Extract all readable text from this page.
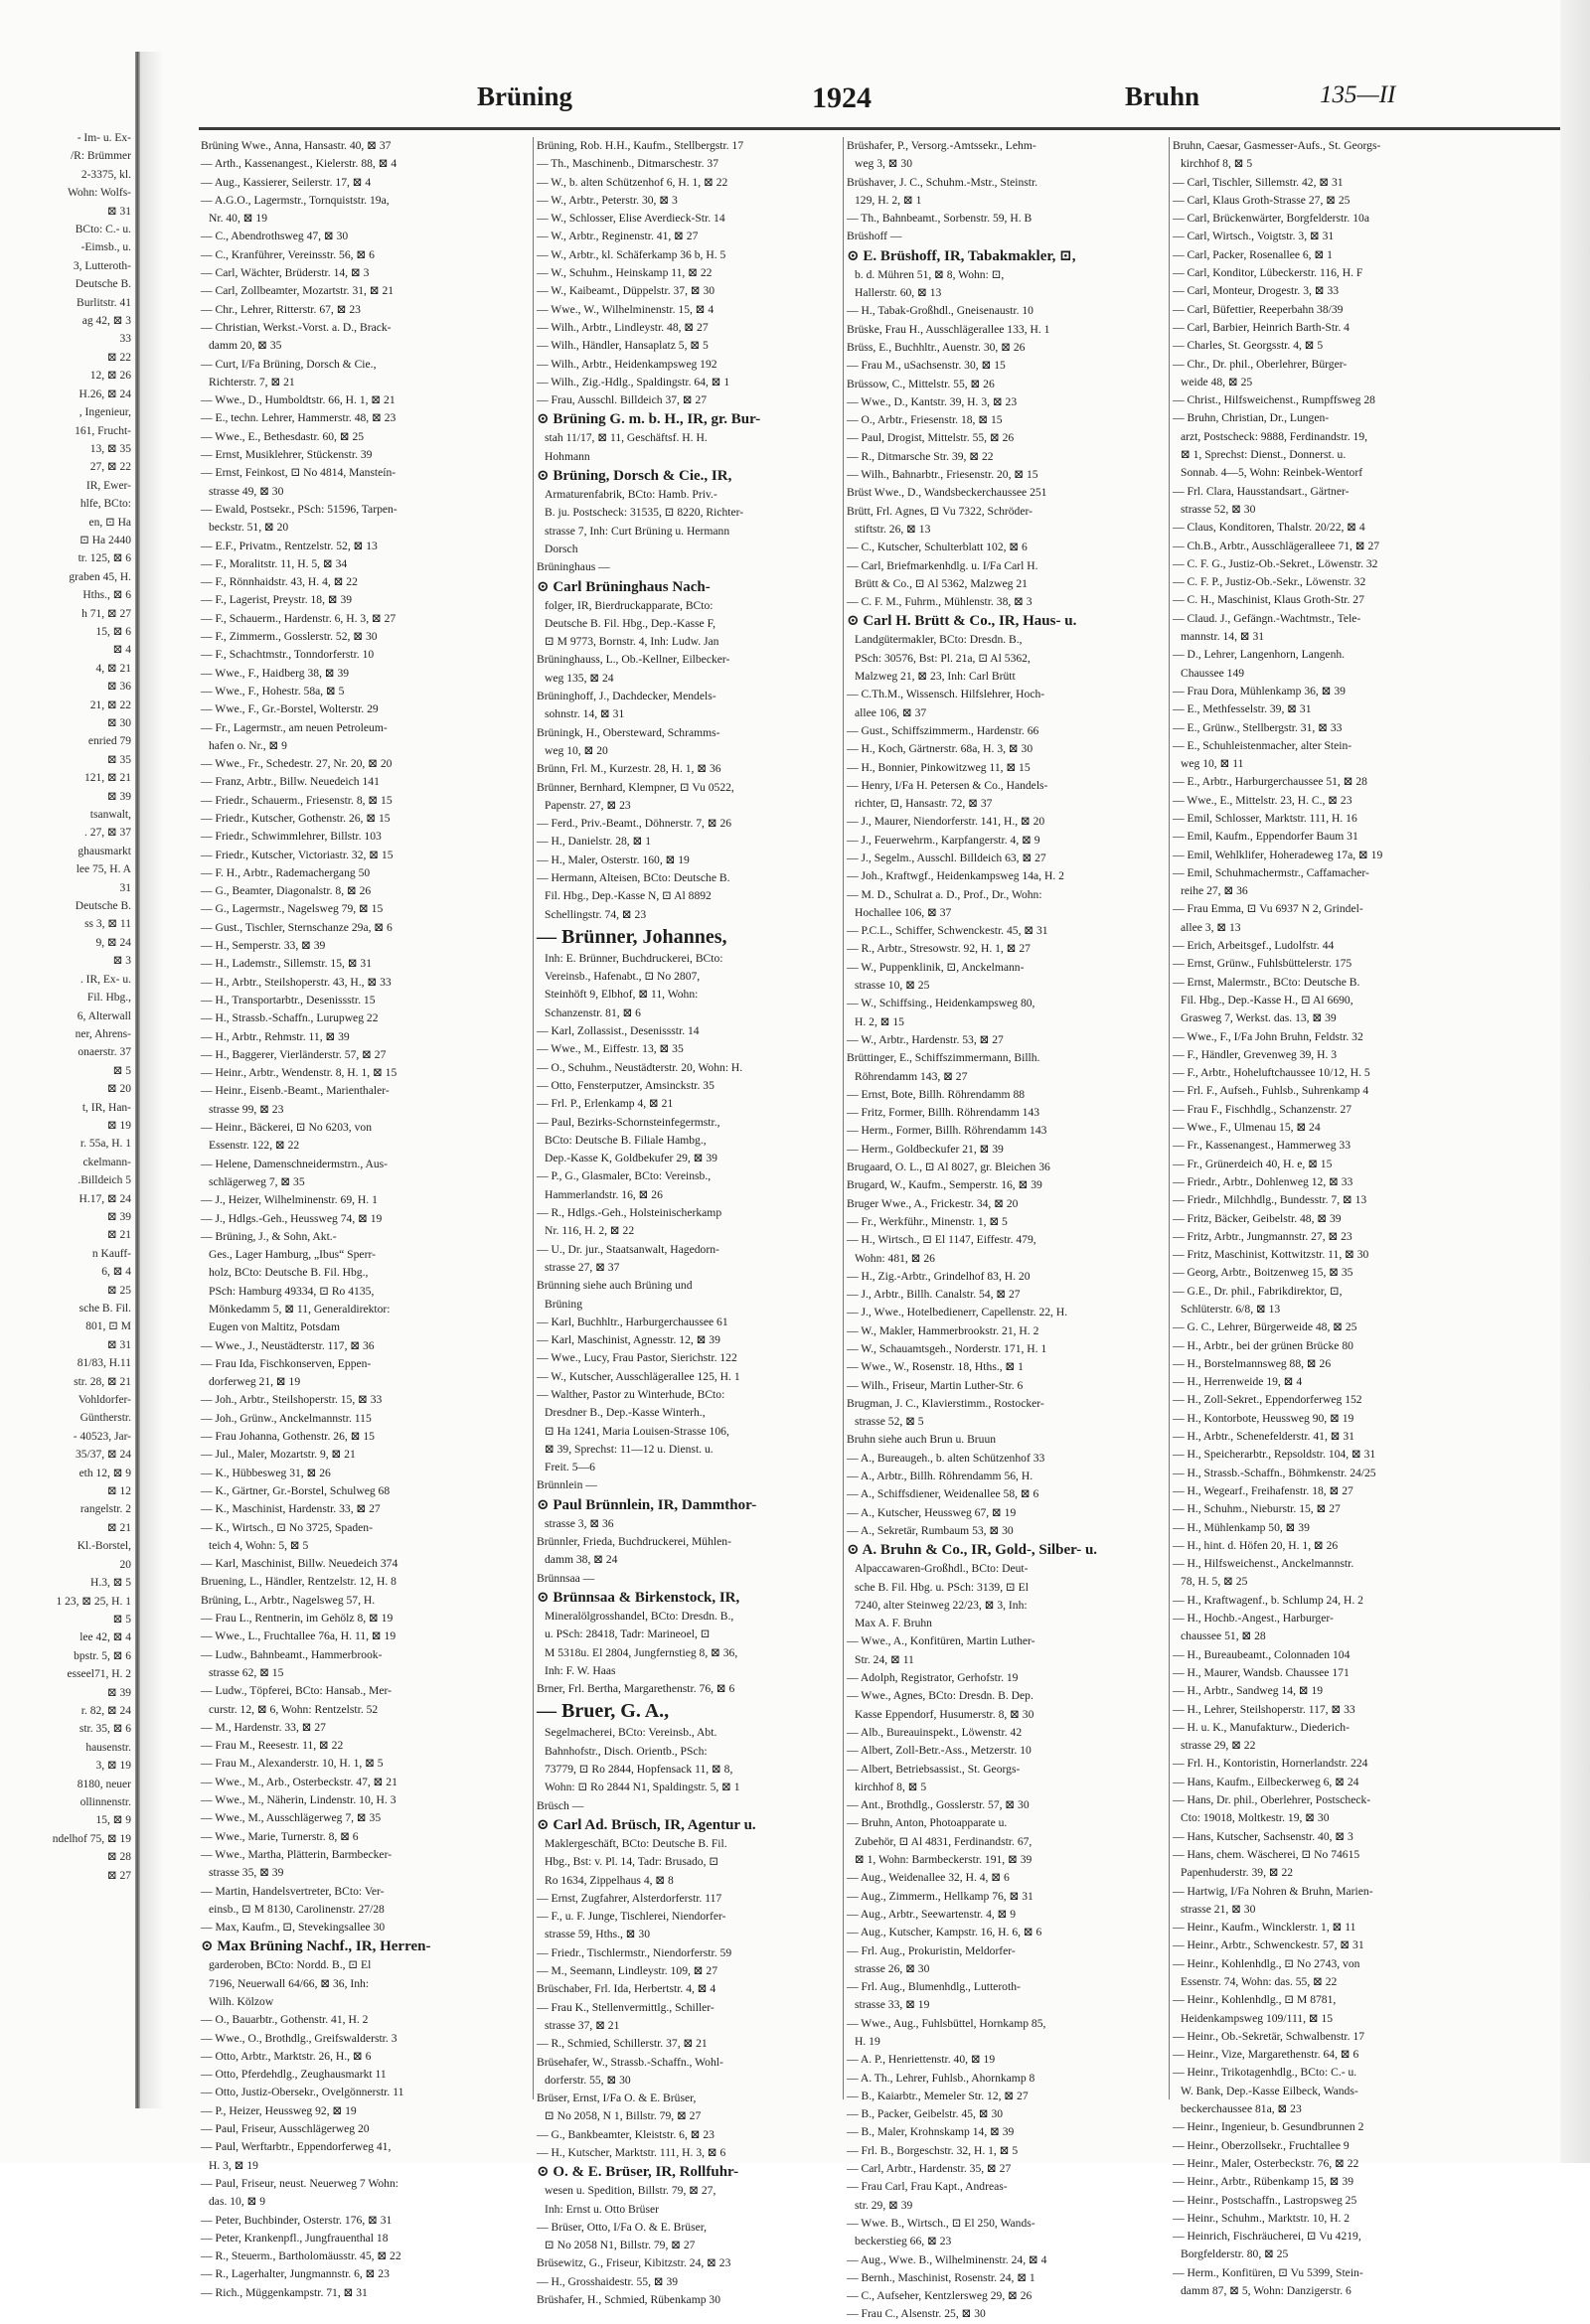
- Im- u. Ex-
/R: Brümmer
2-3375, kl.
Wohn: Wolfs-
⊠ 31
BCto: C.- u.
-Eimsb., u.
3, Lutteroth-
Deutsche B.
Burlitstr. 41
ag 42, ⊠ 3
33
⊠ 22
12, ⊠ 26
H.26, ⊠ 24
, Ingenieur,
161, Frucht-
13, ⊠ 35
27, ⊠ 22
IR, Ewer-
hlfe, BCto:
en, ⊡ Ha
⊡ Ha 2440
tr. 125, ⊠ 6
graben 45, H.
Hths., ⊠ 6
h 71, ⊠ 27
15, ⊠ 6
⊠ 4
4, ⊠ 21
⊠ 36
21, ⊠ 22
⊠ 30
enried 79
⊠ 35
121, ⊠ 21
⊠ 39
tsanwalt,
. 27, ⊠ 37
ghausmarkt
lee 75, H. A
31
Deutsche B.
ss 3, ⊠ 11
9, ⊠ 24
⊠ 3
. IR, Ex- u.
Fil. Hbg.,
6, Alterwall
ner, Ahrens-
onaerstr. 37
⊠ 5
⊠ 20
t, IR, Han-
⊠ 19
r. 55a, H. 1
ckelmann-
.Billdeich 5
H.17, ⊠ 24
⊠ 39
⊠ 21
n Kauff-
6, ⊠ 4
⊠ 25
sche B. Fil.
801, ⊡ M
⊠ 31
81/83, H.11
str. 28, ⊠ 21
Vohldorfer-
Güntherstr.
- 40523, Jar-
35/37, ⊠ 24
eth 12, ⊠ 9
⊠ 12
rangelstr. 2
⊠ 21
Kl.-Borstel,
20
H.3, ⊠ 5
1 23, ⊠ 25, H. 1
⊠ 5
lee 42, ⊠ 4
bpstr. 5, ⊠ 6
esseel71, H. 2
⊠ 39
r. 82, ⊠ 24
str. 35, ⊠ 6
hausenstr.
3, ⊠ 19
8180, neuer
ollinnenstr.
15, ⊠ 9
ndelhof 75, ⊠ 19
⊠ 28
⊠ 27
Brüning	1924	Bruhn	135—II

Brüning Wwe., Anna, Hansastr. 40, ⊠ 37

— Arth., Kassenangest., Kielerstr. 88, ⊠ 4

— Aug., Kassierer, Seilerstr. 17, ⊠ 4

— A.G.O., Lagermstr., Tornquiststr. 19a,

Nr. 40, ⊠ 19

— C., Abendrothsweg 47, ⊠ 30

— C., Kranführer, Vereinsstr. 56, ⊠ 6

— Carl, Wächter, Brüderstr. 14, ⊠ 3

— Carl, Zollbeamter, Mozartstr. 31, ⊠ 21

— Chr., Lehrer, Ritterstr. 67, ⊠ 23

— Christian, Werkst.-Vorst. a. D., Brack-

damm 20, ⊠ 35

— Curt, I/Fa Brüning, Dorsch & Cie.,

Richterstr. 7, ⊠ 21

— Wwe., D., Humboldtstr. 66, H. 1, ⊠ 21

— E., techn. Lehrer, Hammerstr. 48, ⊠ 23

— Wwe., E., Bethesdastr. 60, ⊠ 25

— Ernst, Musiklehrer, Stückenstr. 39

— Ernst, Feinkost, ⊡ No 4814, Mansteín-

strasse 49, ⊠ 30

— Ewald, Postsekr., PSch: 51596, Tarpen-

beckstr. 51, ⊠ 20

— E.F., Privatm., Rentzelstr. 52, ⊠ 13

— F., Moralitstr. 11, H. 5, ⊠ 34

— F., Rönnhaidstr. 43, H. 4, ⊠ 22

— F., Lagerist, Preystr. 18, ⊠ 39

— F., Schauerm., Hardenstr. 6, H. 3, ⊠ 27

— F., Zimmerm., Gosslerstr. 52, ⊠ 30

— F., Schachtmstr., Tonndorferstr. 10

— Wwe., F., Haidberg 38, ⊠ 39

— Wwe., F., Hohestr. 58a, ⊠ 5

— Wwe., F., Gr.-Borstel, Wolterstr. 29

— Fr., Lagermstr., am neuen Petroleum-

hafen o. Nr., ⊠ 9

— Wwe., Fr., Schedestr. 27, Nr. 20, ⊠ 20

— Franz, Arbtr., Billw. Neuedeich 141

— Friedr., Schauerm., Friesenstr. 8, ⊠ 15

— Friedr., Kutscher, Gothenstr. 26, ⊠ 15

— Friedr., Schwimmlehrer, Billstr. 103

— Friedr., Kutscher, Victoriastr. 32, ⊠ 15

— F. H., Arbtr., Rademachergang 50

— G., Beamter, Diagonalstr. 8, ⊠ 26

— G., Lagermstr., Nagelsweg 79, ⊠ 15

— Gust., Tischler, Sternschanze 29a, ⊠ 6

— H., Semperstr. 33, ⊠ 39

— H., Lademstr., Sillemstr. 15, ⊠ 31

— H., Arbtr., Steilshoperstr. 43, H., ⊠ 33

— H., Transportarbtr., Desenissstr. 15

— H., Strassb.-Schaffn., Lurupweg 22

— H., Arbtr., Rehmstr. 11, ⊠ 39

— H., Baggerer, Vierländerstr. 57, ⊠ 27

— Heinr., Arbtr., Wendenstr. 8, H. 1, ⊠ 15

— Heinr., Eisenb.-Beamt., Marienthaler-

strasse 99, ⊠ 23

— Heinr., Bäckerei, ⊡ No 6203, von

Essenstr. 122, ⊠ 22

— Helene, Damenschneidermstrn., Aus-

schlägerweg 7, ⊠ 35

— J., Heizer, Wilhelminenstr. 69, H. 1

— J., Hdlgs.-Geh., Heussweg 74, ⊠ 19

— Brüning, J., & Sohn, Akt.-

Ges., Lager Hamburg, „Ibus“ Sperr-

holz, BCto: Deutsche B. Fil. Hbg.,

PSch: Hamburg 49334, ⊡ Ro 4135,

Mönkedamm 5, ⊠ 11, Generaldirektor:

Eugen von Maltitz, Potsdam

— Wwe., J., Neustädterstr. 117, ⊠ 36

— Frau Ida, Fischkonserven, Eppen-

dorferweg 21, ⊠ 19

— Joh., Arbtr., Steilshoperstr. 15, ⊠ 33

— Joh., Grünw., Anckelmannstr. 115

— Frau Johanna, Gothenstr. 26, ⊠ 15

— Jul., Maler, Mozartstr. 9, ⊠ 21

— K., Hübbesweg 31, ⊠ 26

— K., Gärtner, Gr.-Borstel, Schulweg 68

— K., Maschinist, Hardenstr. 33, ⊠ 27

— K., Wirtsch., ⊡ No 3725, Spaden-

teich 4, Wohn: 5, ⊠ 5

— Karl, Maschinist, Billw. Neuedeich 374

Bruening, L., Händler, Rentzelstr. 12, H. 8

Brüning, L., Arbtr., Nagelsweg 57, H.

— Frau L., Rentnerin, im Gehölz 8, ⊠ 19

— Wwe., L., Fruchtallee 76a, H. 11, ⊠ 19

— Ludw., Bahnbeamt., Hammerbrook-

strasse 62, ⊠ 15

— Ludw., Töpferei, BCto: Hansab., Mer-

curstr. 12, ⊠ 6, Wohn: Rentzelstr. 52

— M., Hardenstr. 33, ⊠ 27

— Frau M., Reesestr. 11, ⊠ 22

— Frau M., Alexanderstr. 10, H. 1, ⊠ 5

— Wwe., M., Arb., Osterbeckstr. 47, ⊠ 21

— Wwe., M., Näherin, Lindenstr. 10, H. 3

— Wwe., M., Ausschlägerweg 7, ⊠ 35

— Wwe., Marie, Turnerstr. 8, ⊠ 6

— Wwe., Martha, Plätterin, Barmbecker-

strasse 35, ⊠ 39

— Martin, Handelsvertreter, BCto: Ver-

einsb., ⊡ M 8130, Carolinenstr. 27/28

— Max, Kaufm., ⊡, Stevekingsallee 30

⊙ Max Brüning Nachf., IR, Herren-

garderoben, BCto: Nordd. B., ⊡ El

7196, Neuerwall 64/66, ⊠ 36, Inh:

Wilh. Kölzow

— O., Bauarbtr., Gothenstr. 41, H. 2

— Wwe., O., Brothdlg., Greifswalderstr. 3

— Otto, Arbtr., Marktstr. 26, H., ⊠ 6

— Otto, Pferdehdlg., Zeughausmarkt 11

— Otto, Justiz-Obersekr., Ovelgönnerstr. 11

— P., Heizer, Heussweg 92, ⊠ 19

— Paul, Friseur, Ausschlägerweg 20

— Paul, Werftarbtr., Eppendorferweg 41,

H. 3, ⊠ 19

— Paul, Friseur, neust. Neuerweg 7 Wohn:

das. 10, ⊠ 9

— Peter, Buchbinder, Osterstr. 176, ⊠ 31

— Peter, Krankenpfl., Jungfrauenthal 18

— R., Steuerm., Bartholomäusstr. 45, ⊠ 22

— R., Lagerhalter, Jungmannstr. 6, ⊠ 23

— Rich., Müggenkampstr. 71, ⊠ 31

Brüning, Rob. H.H., Kaufm., Stellbergstr. 17

— Th., Maschinenb., Ditmarschestr. 37

— W., b. alten Schützenhof 6, H. 1, ⊠ 22

— W., Arbtr., Peterstr. 30, ⊠ 3

— W., Schlosser, Elise Averdieck-Str. 14

— W., Arbtr., Reginenstr. 41, ⊠ 27

— W., Arbtr., kl. Schäferkamp 36 b, H. 5

— W., Schuhm., Heinskamp 11, ⊠ 22

— W., Kaibeamt., Düppelstr. 37, ⊠ 30

— Wwe., W., Wilhelminenstr. 15, ⊠ 4

— Wilh., Arbtr., Lindleystr. 48, ⊠ 27

— Wilh., Händler, Hansaplatz 5, ⊠ 5

— Wilh., Arbtr., Heidenkampsweg 192

— Wilh., Zig.-Hdlg., Spaldingstr. 64, ⊠ 1

— Frau, Ausschl. Billdeich 37, ⊠ 27

⊙ Brüning G. m. b. H., IR, gr. Bur-

stah 11/17, ⊠ 11, Geschäftsf. H. H.

Hohmann

⊙ Brüning, Dorsch & Cie., IR,

Armaturenfabrik, BCto: Hamb. Priv.-

B. ju. Postscheck: 31535, ⊡ 8220, Richter-

strasse 7, Inh: Curt Brüning u. Hermann

Dorsch

Brüninghaus —

⊙ Carl Brüninghaus Nach-

folger, IR, Bierdruckapparate, BCto:

Deutsche B. Fil. Hbg., Dep.-Kasse F,

⊡ M 9773, Bornstr. 4, Inh: Ludw. Jan

Brüninghauss, L., Ob.-Kellner, Eilbecker-

weg 135, ⊠ 24

Brüninghoff, J., Dachdecker, Mendels-

sohnstr. 14, ⊠ 31

Brüningk, H., Obersteward, Schramms-

weg 10, ⊠ 20

Brünn, Frl. M., Kurzestr. 28, H. 1, ⊠ 36

Brünner, Bernhard, Klempner, ⊡ Vu 0522,

Papenstr. 27, ⊠ 23

— Ferd., Priv.-Beamt., Döhnerstr. 7, ⊠ 26

— H., Danielstr. 28, ⊠ 1

— H., Maler, Osterstr. 160, ⊠ 19

— Hermann, Alteisen, BCto: Deutsche B.

Fil. Hbg., Dep.-Kasse N, ⊡ Al 8892

Schellingstr. 74, ⊠ 23

— Brünner, Johannes,

Inh: E. Brünner, Buchdruckerei, BCto:

Vereinsb., Hafenabt., ⊡ No 2807,

Steinhöft 9, Elbhof, ⊠ 11, Wohn:

Schanzenstr. 81, ⊠ 6

— Karl, Zollassist., Desenissstr. 14

— Wwe., M., Eiffestr. 13, ⊠ 35

— O., Schuhm., Neustädterstr. 20, Wohn: H.

— Otto, Fensterputzer, Amsinckstr. 35

— Frl. P., Erlenkamp 4, ⊠ 21

— Paul, Bezirks-Schornsteinfegermstr.,

BCto: Deutsche B. Filiale Hambg.,

Dep.-Kasse K, Goldbekufer 29, ⊠ 39

— P., G., Glasmaler, BCto: Vereinsb.,

Hammerlandstr. 16, ⊠ 26

— R., Hdlgs.-Geh., Holsteinischerkamp

Nr. 116, H. 2, ⊠ 22

— U., Dr. jur., Staatsanwalt, Hagedorn-

strasse 27, ⊠ 37

Brünning siehe auch Brüning und

Brüning

— Karl, Buchhltr., Harburgerchaussee 61

— Karl, Maschinist, Agnesstr. 12, ⊠ 39

— Wwe., Lucy, Frau Pastor, Sierichstr. 122

— W., Kutscher, Ausschlägerallee 125, H. 1

— Walther, Pastor zu Winterhude, BCto:

Dresdner B., Dep.-Kasse Winterh.,

⊡ Ha 1241, Maria Louisen-Strasse 106,

⊠ 39, Sprechst: 11—12 u. Dienst. u.

Freit. 5—6

Brünnlein —

⊙ Paul Brünnlein, IR, Dammthor-

strasse 3, ⊠ 36

Brünnler, Frieda, Buchdruckerei, Mühlen-

damm 38, ⊠ 24

Brünnsaa —

⊙ Brünnsaa & Birkenstock, IR,

Mineralölgrosshandel, BCto: Dresdn. B.,

u. PSch: 28418, Tadr: Marineoel, ⊡

M 5318u. El 2804, Jungfernstieg 8, ⊠ 36,

Inh: F. W. Haas

Brner, Frl. Bertha, Margarethenstr. 76, ⊠ 6

— Bruer, G. A.,

Segelmacherei, BCto: Vereinsb., Abt.

Bahnhofstr., Disch. Orientb., PSch:

73779, ⊡ Ro 2844, Hopfensack 11, ⊠ 8,

Wohn: ⊡ Ro 2844 N1, Spaldingstr. 5, ⊠ 1

Brüsch —

⊙ Carl Ad. Brüsch, IR, Agentur u.

Maklergeschäft, BCto: Deutsche B. Fil.

Hbg., Bst: v. Pl. 14, Tadr: Brusado, ⊡

Ro 1634, Zippelhaus 4, ⊠ 8

— Ernst, Zugfahrer, Alsterdorferstr. 117

— F., u. F. Junge, Tischlerei, Niendorfer-

strasse 59, Hths., ⊠ 30

— Friedr., Tischlermstr., Niendorferstr. 59

— M., Seemann, Lindleystr. 109, ⊠ 27

Brüschaber, Frl. Ida, Herbertstr. 4, ⊠ 4

— Frau K., Stellenvermittlg., Schiller-

strasse 37, ⊠ 21

— R., Schmied, Schillerstr. 37, ⊠ 21

Brüsehafer, W., Strassb.-Schaffn., Wohl-

dorferstr. 55, ⊠ 30

Brüser, Ernst, I/Fa O. & E. Brüser,

⊡ No 2058, N 1, Billstr. 79, ⊠ 27

— G., Bankbeamter, Kleiststr. 6, ⊠ 23

— H., Kutscher, Marktstr. 111, H. 3, ⊠ 6

⊙ O. & E. Brüser, IR, Rollfuhr-

wesen u. Spedition, Billstr. 79, ⊠ 27,

Inh: Ernst u. Otto Brüser

— Brüser, Otto, I/Fa O. & E. Brüser,

⊡ No 2058 N1, Billstr. 79, ⊠ 27

Brüsewitz, G., Friseur, Kibitzstr. 24, ⊠ 23

— H., Grosshaidestr. 55, ⊠ 39

Brüshafer, H., Schmied, Rübenkamp 30

Brüshafer, P., Versorg.-Amtssekr., Lehm-

weg 3, ⊠ 30

Brüshaver, J. C., Schuhm.-Mstr., Steinstr.

129, H. 2, ⊠ 1

— Th., Bahnbeamt., Sorbenstr. 59, H. B

Brüshoff —

⊙ E. Brüshoff, IR, Tabakmakler, ⊡,

b. d. Mühren 51, ⊠ 8, Wohn: ⊡,

Hallerstr. 60, ⊠ 13

— H., Tabak-Großhdl., Gneisenaustr. 10

Brüske, Frau H., Ausschlägerallee 133, H. 1

Brüss, E., Buchhltr., Auenstr. 30, ⊠ 26

— Frau M., uSachsenstr. 30, ⊠ 15

Brüssow, C., Mittelstr. 55, ⊠ 26

— Wwe., D., Kantstr. 39, H. 3, ⊠ 23

— O., Arbtr., Friesenstr. 18, ⊠ 15

— Paul, Drogist, Mittelstr. 55, ⊠ 26

— R., Ditmarsche Str. 39, ⊠ 22

— Wilh., Bahnarbtr., Friesenstr. 20, ⊠ 15

Brüst Wwe., D., Wandsbeckerchaussee 251

Brütt, Frl. Agnes, ⊡ Vu 7322, Schröder-

stiftstr. 26, ⊠ 13

— C., Kutscher, Schulterblatt 102, ⊠ 6

— Carl, Briefmarkenhdlg. u. I/Fa Carl H.

Brütt & Co., ⊡ Al 5362, Malzweg 21

— C. F. M., Fuhrm., Mühlenstr. 38, ⊠ 3

⊙ Carl H. Brütt & Co., IR, Haus- u.

Landgütermakler, BCto: Dresdn. B.,

PSch: 30576, Bst: Pl. 21a, ⊡ Al 5362,

Malzweg 21, ⊠ 23, Inh: Carl Brütt

— C.Th.M., Wissensch. Hilfslehrer, Hoch-

allee 106, ⊠ 37

— Gust., Schiffszimmerm., Hardenstr. 66

— H., Koch, Gärtnerstr. 68a, H. 3, ⊠ 30

— H., Bonnier, Pinkowitzweg 11, ⊠ 15

— Henry, I/Fa H. Petersen & Co., Handels-

richter, ⊡, Hansastr. 72, ⊠ 37

— J., Maurer, Niendorferstr. 141, H., ⊠ 20

— J., Feuerwehrm., Karpfangerstr. 4, ⊠ 9

— J., Segelm., Ausschl. Billdeich 63, ⊠ 27

— Joh., Kraftwgf., Heidenkampsweg 14a, H. 2

— M. D., Schulrat a. D., Prof., Dr., Wohn:

Hochallee 106, ⊠ 37

— P.C.L., Schiffer, Schwenckestr. 45, ⊠ 31

— R., Arbtr., Stresowstr. 92, H. 1, ⊠ 27

— W., Puppenklinik, ⊡, Anckelmann-

strasse 10, ⊠ 25

— W., Schiffsing., Heidenkampsweg 80,

H. 2, ⊠ 15

— W., Arbtr., Hardenstr. 53, ⊠ 27

Brüttinger, E., Schiffszimmermann, Billh.

Röhrendamm 143, ⊠ 27

— Ernst, Bote, Billh. Röhrendamm 88

— Fritz, Former, Billh. Röhrendamm 143

— Herm., Former, Billh. Röhrendamm 143

— Herm., Goldbeckufer 21, ⊠ 39

Brugaard, O. L., ⊡ Al 8027, gr. Bleichen 36

Brugard, W., Kaufm., Semperstr. 16, ⊠ 39

Bruger Wwe., A., Frickestr. 34, ⊠ 20

— Fr., Werkführ., Minenstr. 1, ⊠ 5

— H., Wirtsch., ⊡ El 1147, Eiffestr. 479,

Wohn: 481, ⊠ 26

— H., Zig.-Arbtr., Grindelhof 83, H. 20

— J., Arbtr., Billh. Canalstr. 54, ⊠ 27

— J., Wwe., Hotelbedienerr, Capellenstr. 22, H.

— W., Makler, Hammerbrookstr. 21, H. 2

— W., Schauamtsgeh., Norderstr. 171, H. 1

— Wwe., W., Rosenstr. 18, Hths., ⊠ 1

— Wilh., Friseur, Martin Luther-Str. 6

Brugman, J. C., Klavierstimm., Rostocker-

strasse 52, ⊠ 5

Bruhn siehe auch Brun u. Bruun

— A., Bureaugeh., b. alten Schützenhof 33

— A., Arbtr., Billh. Röhrendamm 56, H.

— A., Schiffsdiener, Weidenallee 58, ⊠ 6

— A., Kutscher, Heussweg 67, ⊠ 19

— A., Sekretär, Rumbaum 53, ⊠ 30

⊙ A. Bruhn & Co., IR, Gold-, Silber- u.

Alpaccawaren-Großhdl., BCto: Deut-

sche B. Fil. Hbg. u. PSch: 3139, ⊡ El

7240, alter Steinweg 22/23, ⊠ 3, Inh:

Max A. F. Bruhn

— Wwe., A., Konfitüren, Martin Luther-

Str. 24, ⊠ 11

— Adolph, Registrator, Gerhofstr. 19

— Wwe., Agnes, BCto: Dresdn. B. Dep.

Kasse Eppendorf, Husumerstr. 8, ⊠ 30

— Alb., Bureauinspekt., Löwenstr. 42

— Albert, Zoll-Betr.-Ass., Metzerstr. 10

— Albert, Betriebsassist., St. Georgs-

kirchhof 8, ⊠ 5

— Ant., Brothdlg., Gosslerstr. 57, ⊠ 30

— Bruhn, Anton, Photoapparate u.

Zubehör, ⊡ Al 4831, Ferdinandstr. 67,

⊠ 1, Wohn: Barmbeckerstr. 191, ⊠ 39

— Aug., Weidenallee 32, H. 4, ⊠ 6

— Aug., Zimmerm., Hellkamp 76, ⊠ 31

— Aug., Arbtr., Seewartenstr. 4, ⊠ 9

— Aug., Kutscher, Kampstr. 16, H. 6, ⊠ 6

— Frl. Aug., Prokuristin, Meldorfer-

strasse 26, ⊠ 30

— Frl. Aug., Blumenhdlg., Lutteroth-

strasse 33, ⊠ 19

— Wwe., Aug., Fuhlsbüttel, Hornkamp 85,

H. 19

— A. P., Henriettenstr. 40, ⊠ 19

— A. Th., Lehrer, Fuhlsb., Ahornkamp 8

— B., Kaiarbtr., Memeler Str. 12, ⊠ 27

— B., Packer, Geibelstr. 45, ⊠ 30

— B., Maler, Krohnskamp 14, ⊠ 39

— Frl. B., Borgeschstr. 32, H. 1, ⊠ 5

— Carl, Arbtr., Hardenstr. 35, ⊠ 27

— Frau Carl, Frau Kapt., Andreas-

str. 29, ⊠ 39

— Wwe. B., Wirtsch., ⊡ El 250, Wands-

beckerstieg 66, ⊠ 23

— Aug., Wwe. B., Wilhelminenstr. 24, ⊠ 4

— Bernh., Maschinist, Rosenstr. 24, ⊠ 1

— C., Aufseher, Kentzlersweg 29, ⊠ 26

— Frau C., Alsenstr. 25, ⊠ 30

Bruhn, Caesar, Gasmesser-Aufs., St. Georgs-

kirchhof 8, ⊠ 5

— Carl, Tischler, Sillemstr. 42, ⊠ 31

— Carl, Klaus Groth-Strasse 27, ⊠ 25

— Carl, Brückenwärter, Borgfelderstr. 10a

— Carl, Wirtsch., Voigtstr. 3, ⊠ 31

— Carl, Packer, Rosenallee 6, ⊠ 1

— Carl, Konditor, Lübeckerstr. 116, H. F

— Carl, Monteur, Drogestr. 3, ⊠ 33

— Carl, Büfettier, Reeperbahn 38/39

— Carl, Barbier, Heinrich Barth-Str. 4

— Charles, St. Georgsstr. 4, ⊠ 5

— Chr., Dr. phil., Oberlehrer, Bürger-

weide 48, ⊠ 25

— Christ., Hilfsweichenst., Rumpffsweg 28

— Bruhn, Christian, Dr., Lungen-

arzt, Postscheck: 9888, Ferdinandstr. 19,

⊠ 1, Sprechst: Dienst., Donnerst. u.

Sonnab. 4—5, Wohn: Reinbek-Wentorf

— Frl. Clara, Hausstandsart., Gärtner-

strasse 52, ⊠ 30

— Claus, Konditoren, Thalstr. 20/22, ⊠ 4

— Ch.B., Arbtr., Ausschlägeralleee 71, ⊠ 27

— C. F. G., Justiz-Ob.-Sekret., Löwenstr. 32

— C. F. P., Justiz-Ob.-Sekr., Löwenstr. 32

— C. H., Maschinist, Klaus Groth-Str. 27

— Claud. J., Gefängn.-Wachtmstr., Tele-

mannstr. 14, ⊠ 31

— D., Lehrer, Langenhorn, Langenh.

Chaussee 149

— Frau Dora, Mühlenkamp 36, ⊠ 39

— E., Methfesselstr. 39, ⊠ 31

— E., Grünw., Stellbergstr. 31, ⊠ 33

— E., Schuhleistenmacher, alter Stein-

weg 10, ⊠ 11

— E., Arbtr., Harburgerchaussee 51, ⊠ 28

— Wwe., E., Mittelstr. 23, H. C., ⊠ 23

— Emil, Schlosser, Marktstr. 111, H. 16

— Emil, Kaufm., Eppendorfer Baum 31

— Emil, Wehlklifer, Hoheradeweg 17a, ⊠ 19

— Emil, Schuhmachermstr., Caffamacher-

reihe 27, ⊠ 36

— Frau Emma, ⊡ Vu 6937 N 2, Grindel-

allee 3, ⊠ 13

— Erich, Arbeitsgef., Ludolfstr. 44

— Ernst, Grünw., Fuhlsbüttelerstr. 175

— Ernst, Malermstr., BCto: Deutsche B.

Fil. Hbg., Dep.-Kasse H., ⊡ Al 6690,

Grasweg 7, Werkst. das. 13, ⊠ 39

— Wwe., F., I/Fa John Bruhn, Feldstr. 32

— F., Händler, Grevenweg 39, H. 3

— F., Arbtr., Hoheluftchaussee 10/12, H. 5

— Frl. F., Aufseh., Fuhlsb., Suhrenkamp 4

— Frau F., Fischhdlg., Schanzenstr. 27

— Wwe., F., Ulmenau 15, ⊠ 24

— Fr., Kassenangest., Hammerweg 33

— Fr., Grünerdeich 40, H. e, ⊠ 15

— Friedr., Arbtr., Dohlenweg 12, ⊠ 33

— Friedr., Milchhdlg., Bundesstr. 7, ⊠ 13

— Fritz, Bäcker, Geibelstr. 48, ⊠ 39

— Fritz, Arbtr., Jungmannstr. 27, ⊠ 23

— Fritz, Maschinist, Kottwitzstr. 11, ⊠ 30

— Georg, Arbtr., Boitzenweg 15, ⊠ 35

— G.E., Dr. phil., Fabrikdirektor, ⊡,

Schlüterstr. 6/8, ⊠ 13

— G. C., Lehrer, Bürgerweide 48, ⊠ 25

— H., Arbtr., bei der grünen Brücke 80

— H., Borstelmannsweg 88, ⊠ 26

— H., Herrenweide 19, ⊠ 4

— H., Zoll-Sekret., Eppendorferweg 152

— H., Kontorbote, Heussweg 90, ⊠ 19

— H., Arbtr., Schenefelderstr. 41, ⊠ 31

— H., Speicherarbtr., Repsoldstr. 104, ⊠ 31

— H., Strassb.-Schaffn., Böhmkenstr. 24/25

— H., Wegearf., Freihafenstr. 18, ⊠ 27

— H., Schuhm., Nieburstr. 15, ⊠ 27

— H., Mühlenkamp 50, ⊠ 39

— H., hint. d. Höfen 20, H. 1, ⊠ 26

— H., Hilfsweichenst., Anckelmannstr.

78, H. 5, ⊠ 25

— H., Kraftwagenf., b. Schlump 24, H. 2

— H., Hochb.-Angest., Harburger-

chaussee 51, ⊠ 28

— H., Bureaubeamt., Colonnaden 104

— H., Maurer, Wandsb. Chaussee 171

— H., Arbtr., Sandweg 14, ⊠ 19

— H., Lehrer, Steilshoperstr. 117, ⊠ 33

— H. u. K., Manufakturw., Diederich-

strasse 29, ⊠ 22

— Frl. H., Kontoristin, Hornerlandstr. 224

— Hans, Kaufm., Eilbeckerweg 6, ⊠ 24

— Hans, Dr. phil., Oberlehrer, Postscheck-

Cto: 19018, Moltkestr. 19, ⊠ 30

— Hans, Kutscher, Sachsenstr. 40, ⊠ 3

— Hans, chem. Wäscherei, ⊡ No 74615

Papenhuderstr. 39, ⊠ 22

— Hartwig, I/Fa Nohren & Bruhn, Marien-

strasse 21, ⊠ 30

— Heinr., Kaufm., Wincklerstr. 1, ⊠ 11

— Heinr., Arbtr., Schwenckestr. 57, ⊠ 31

— Heinr., Kohlenhdlg., ⊡ No 2743, von

Essenstr. 74, Wohn: das. 55, ⊠ 22

— Heinr., Kohlenhdlg., ⊡ M 8781,

Heidenkampsweg 109/111, ⊠ 15

— Heinr., Ob.-Sekretär, Schwalbenstr. 17

— Heinr., Vize, Margarethenstr. 64, ⊠ 6

— Heinr., Trikotagenhdlg., BCto: C.- u.

W. Bank, Dep.-Kasse Eilbeck, Wands-

beckerchaussee 81a, ⊠ 23

— Heinr., Ingenieur, b. Gesundbrunnen 2

— Heinr., Oberzollsekr., Fruchtallee 9

— Heinr., Maler, Osterbeckstr. 76, ⊠ 22

— Heinr., Arbtr., Rübenkamp 15, ⊠ 39

— Heinr., Postschaffn., Lastropsweg 25

— Heinr., Schuhm., Marktstr. 10, H. 2

— Heinrich, Fischräucherei, ⊡ Vu 4219,

Borgfelderstr. 80, ⊠ 25

— Herm., Konfitüren, ⊡ Vu 5399, Stein-

damm 87, ⊠ 5, Wohn: Danzigerstr. 6
